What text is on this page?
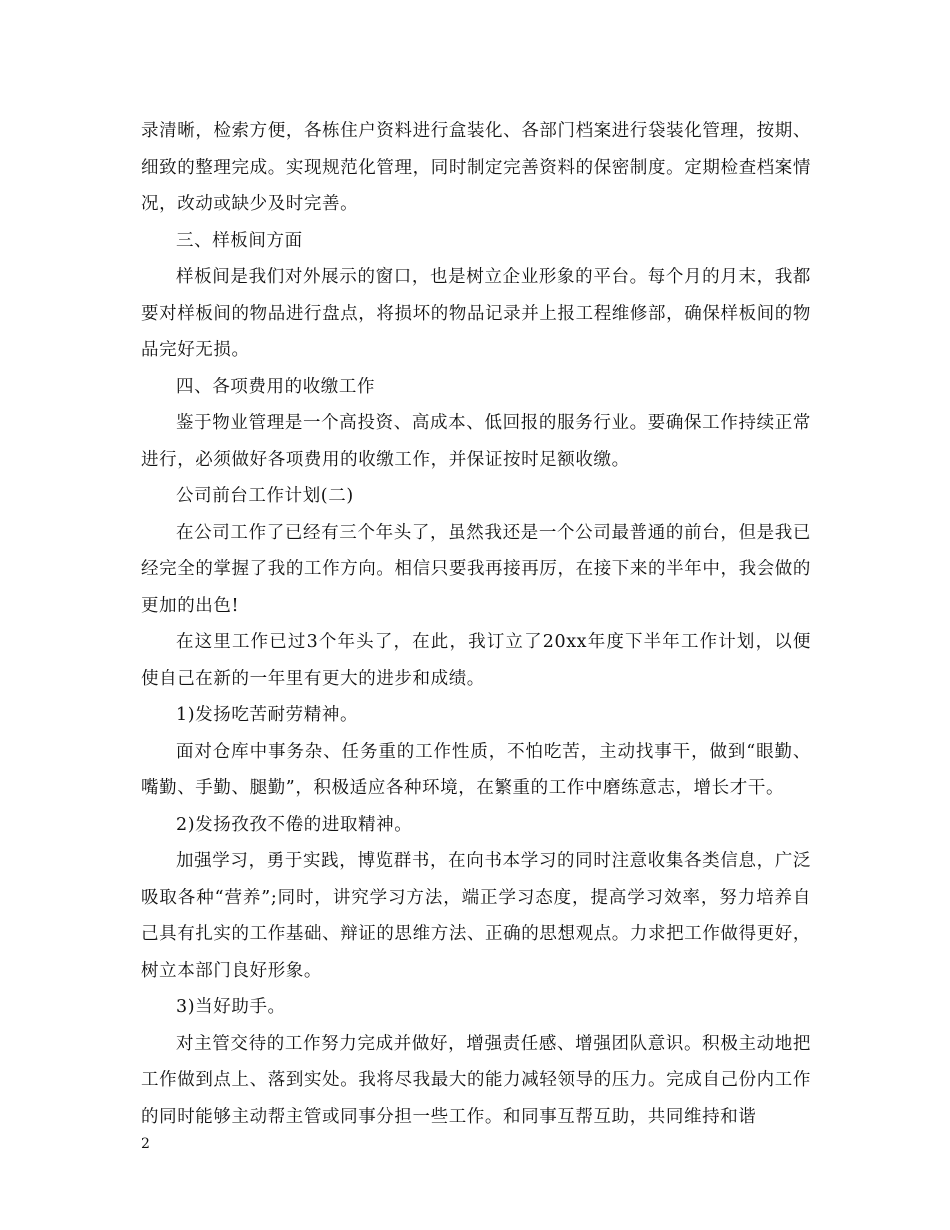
录清晰，检索方便，各栋住户资料进行盒装化、各部门档案进行袋装化管理，按期、细致的整理完成。实现规范化管理，同时制定完善资料的保密制度。定期检查档案情况，改动或缺少及时完善。

三、样板间方面

样板间是我们对外展示的窗口，也是树立企业形象的平台。每个月的月末，我都要对样板间的物品进行盘点，将损坏的物品记录并上报工程维修部，确保样板间的物品完好无损。

四、各项费用的收缴工作

鉴于物业管理是一个高投资、高成本、低回报的服务行业。要确保工作持续正常进行，必须做好各项费用的收缴工作，并保证按时足额收缴。

公司前台工作计划(二)

在公司工作了已经有三个年头了，虽然我还是一个公司最普通的前台，但是我已经完全的掌握了我的工作方向。相信只要我再接再厉，在接下来的半年中，我会做的更加的出色!

在这里工作已过3个年头了，在此，我订立了20xx年度下半年工作计划，以便使自己在新的一年里有更大的进步和成绩。

1)发扬吃苦耐劳精神。

面对仓库中事务杂、任务重的工作性质，不怕吃苦，主动找事干，做到“眼勤、嘴勤、手勤、腿勤”，积极适应各种环境，在繁重的工作中磨练意志，增长才干。

2)发扬孜孜不倦的进取精神。

加强学习，勇于实践，博览群书，在向书本学习的同时注意收集各类信息，广泛吸取各种“营养”;同时，讲究学习方法，端正学习态度，提高学习效率，努力培养自己具有扎实的工作基础、辩证的思维方法、正确的思想观点。力求把工作做得更好，树立本部门良好形象。

3)当好助手。

对主管交待的工作努力完成并做好，增强责任感、增强团队意识。积极主动地把工作做到点上、落到实处。我将尽我最大的能力减轻领导的压力。完成自己份内工作的同时能够主动帮主管或同事分担一些工作。和同事互帮互助，共同维持和谐

2
